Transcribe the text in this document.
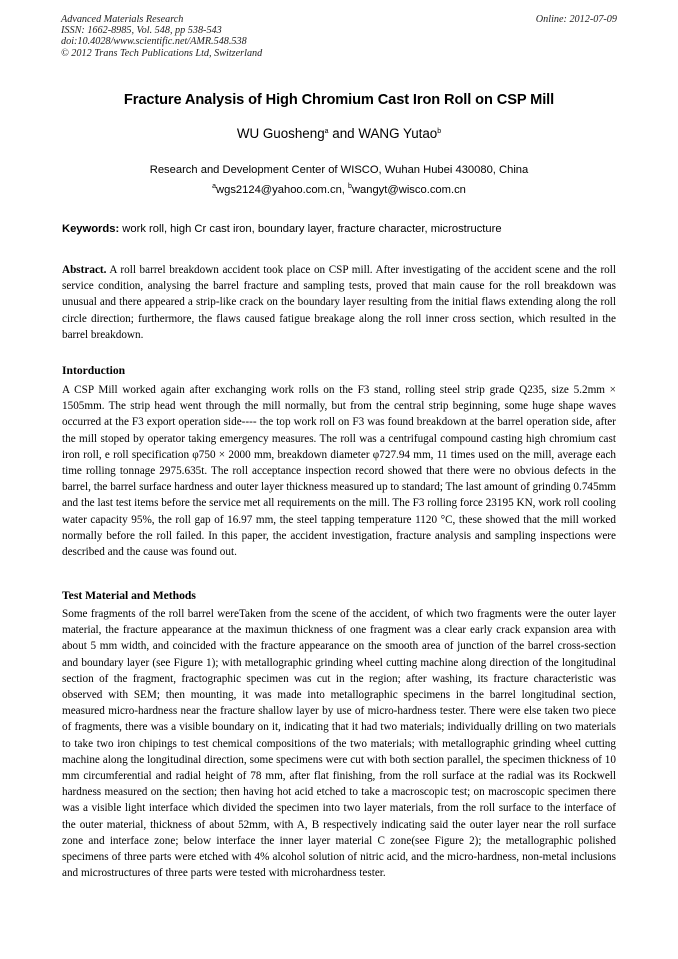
Advanced Materials Research
ISSN: 1662-8985, Vol. 548, pp 538-543
doi:10.4028/www.scientific.net/AMR.548.538
© 2012 Trans Tech Publications Ltd, Switzerland
Online: 2012-07-09
Fracture Analysis of High Chromium Cast Iron Roll on CSP Mill
WU Guosheng$^a$ and WANG Yutao$^b$
Research and Development Center of WISCO, Wuhan Hubei 430080, China
$^a$wgs2124@yahoo.com.cn, $^b$wangyt@wisco.com.cn
Keywords: work roll, high Cr cast iron, boundary layer, fracture character, microstructure
Abstract. A roll barrel breakdown accident took place on CSP mill. After investigating of the accident scene and the roll service condition, analysing the barrel fracture and sampling tests, proved that main cause for the roll breakdown was unusual and there appeared a strip-like crack on the boundary layer resulting from the initial flaws extending along the roll circle direction; furthermore, the flaws caused fatigue breakage along the roll inner cross section, which resulted in the barrel breakdown.
Intorduction
A CSP Mill worked again after exchanging work rolls on the F3 stand, rolling steel strip grade Q235, size 5.2mm × 1505mm. The strip head went through the mill normally, but from the central strip beginning, some huge shape waves occurred at the F3 export operation side---- the top work roll on F3 was found breakdown at the barrel operation side, after the mill stoped by operator taking emergency measures. The roll was a centrifugal compound casting high chromium cast iron roll, e roll specification φ750 × 2000 mm, breakdown diameter φ727.94 mm, 11 times used on the mill, average each time rolling tonnage 2975.635t. The roll acceptance inspection record showed that there were no obvious defects in the barrel, the barrel surface hardness and outer layer thickness measured up to standard; The last amount of grinding 0.745mm and the last test items before the service met all requirements on the mill. The F3 rolling force 23195 KN, work roll cooling water capacity 95%, the roll gap of 16.97 mm, the steel tapping temperature 1120 °C, these showed that the mill worked normally before the roll failed. In this paper, the accident investigation, fracture analysis and sampling inspections were described and the cause was found out.
Test Material and Methods
Some fragments of the roll barrel wereTaken from the scene of the accident, of which two fragments were the outer layer material, the fracture appearance at the maximun thickness of one fragment was a clear early crack expansion area with about 5 mm width, and coincided with the fracture appearance on the smooth area of junction of the barrel cross-section and boundary layer (see Figure 1); with metallographic grinding wheel cutting machine along direction of the longitudinal section of the fragment, fractographic specimen was cut in the region; after washing, its fracture characteristic was observed with SEM; then mounting, it was made into metallographic specimens in the barrel longitudinal section, measured micro-hardness near the fracture shallow layer by use of micro-hardness tester. There were else taken two piece of fragments, there was a visible boundary on it, indicating that it had two materials; individually drilling on two materials to take two iron chipings to test chemical compositions of the two materials; with metallographic grinding wheel cutting machine along the longitudinal direction, some specimens were cut with both section parallel, the specimen thickness of 10 mm circumferential and radial height of 78 mm, after flat finishing, from the roll surface at the radial was its Rockwell hardness measured on the section; then having hot acid etched to take a macroscopic test; on macroscopic specimen there was a visible light interface which divided the specimen into two layer materials, from the roll surface to the interface of the outer material, thickness of about 52mm, with A, B respectively indicating said the outer layer near the roll surface zone and interface zone; below interface the inner layer material C zone(see Figure 2); the metallographic polished specimens of three parts were etched with 4% alcohol solution of nitric acid, and the micro-hardness, non-metal inclusions and microstructures of three parts were tested with microhardness tester.
